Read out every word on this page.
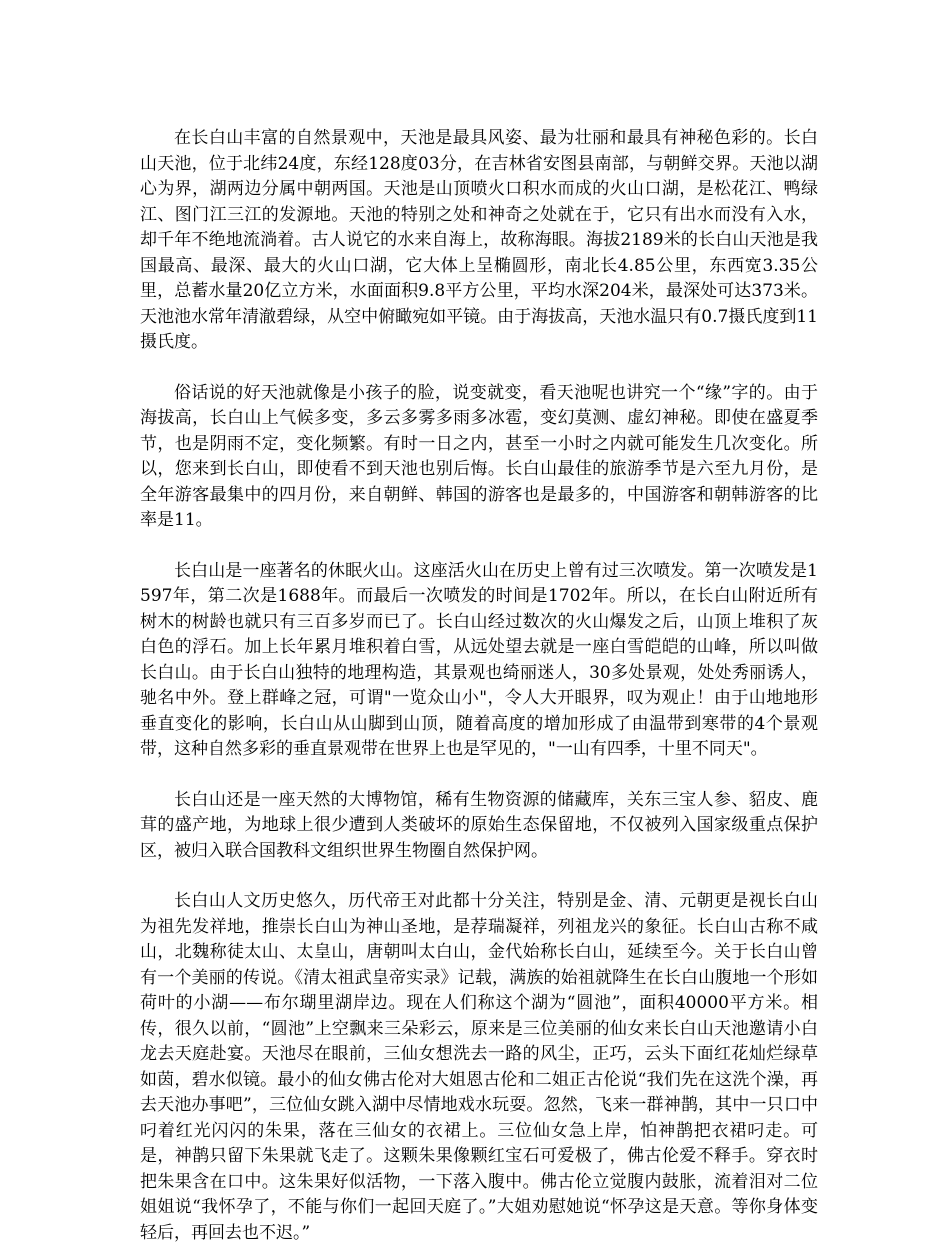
在长白山丰富的自然景观中，天池是最具风姿、最为壮丽和最具有神秘色彩的。长白山天池，位于北纬24度，东经128度03分，在吉林省安图县南部，与朝鲜交界。天池以湖心为界，湖两边分属中朝两国。天池是山顶喷火口积水而成的火山口湖，是松花江、鸭绿江、图门江三江的发源地。天池的特别之处和神奇之处就在于，它只有出水而没有入水，却千年不绝地流淌着。古人说它的水来自海上，故称海眼。海拔2189米的长白山天池是我国最高、最深、最大的火山口湖，它大体上呈椭圆形，南北长4.85公里，东西宽3.35公里，总蓄水量20亿立方米，水面面积9.8平方公里，平均水深204米，最深处可达373米。天池池水常年清澈碧绿，从空中俯瞰宛如平镜。由于海拔高，天池水温只有0.7摄氏度到11摄氏度。

俗话说的好天池就像是小孩子的脸，说变就变，看天池呢也讲究一个“缘”字的。由于海拔高，长白山上气候多变，多云多雾多雨多冰雹，变幻莫测、虚幻神秘。即使在盛夏季节，也是阴雨不定，变化频繁。有时一日之内，甚至一小时之内就可能发生几次变化。所以，您来到长白山，即使看不到天池也别后悔。长白山最佳的旅游季节是六至九月份，是全年游客最集中的四月份，来自朝鲜、韩国的游客也是最多的，中国游客和朝韩游客的比率是11。

长白山是一座著名的休眠火山。这座活火山在历史上曾有过三次喷发。第一次喷发是1597年，第二次是1688年。而最后一次喷发的时间是1702年。所以，在长白山附近所有树木的树龄也就只有三百多岁而已了。长白山经过数次的火山爆发之后，山顶上堆积了灰白色的浮石。加上长年累月堆积着白雪，从远处望去就是一座白雪皑皑的山峰，所以叫做长白山。由于长白山独特的地理构造，其景观也绮丽迷人，30多处景观，处处秀丽诱人，驰名中外。登上群峰之冠，可谓"一览众山小"，令人大开眼界，叹为观止！由于山地地形垂直变化的影响，长白山从山脚到山顶，随着高度的增加形成了由温带到寒带的4个景观带，这种自然多彩的垂直景观带在世界上也是罕见的，"一山有四季，十里不同天"。

长白山还是一座天然的大博物馆，稀有生物资源的储藏库，关东三宝人参、貂皮、鹿茸的盛产地，为地球上很少遭到人类破坏的原始生态保留地，不仅被列入国家级重点保护区，被归入联合国教科文组织世界生物圈自然保护网。

长白山人文历史悠久，历代帝王对此都十分关注，特别是金、清、元朝更是视长白山为祖先发祥地，推崇长白山为神山圣地，是荐瑞凝祥，列祖龙兴的象征。长白山古称不咸山，北魏称徒太山、太皇山，唐朝叫太白山，金代始称长白山，延续至今。关于长白山曾有一个美丽的传说。《清太祖武皇帝实录》记载，满族的始祖就降生在长白山腹地一个形如荷叶的小湖——布尔瑚里湖岸边。现在人们称这个湖为“圆池”，面积40000平方米。相传，很久以前，“圆池”上空飘来三朵彩云，原来是三位美丽的仙女来长白山天池邀请小白龙去天庭赴宴。天池尽在眼前，三仙女想洗去一路的风尘，正巧，云头下面红花灿烂绿草如茵，碧水似镜。最小的仙女佛古伦对大姐恩古伦和二姐正古伦说“我们先在这洗个澡，再去天池办事吧”，三位仙女跳入湖中尽情地戏水玩耍。忽然，飞来一群神鹊，其中一只口中叼着红光闪闪的朱果，落在三仙女的衣裙上。三位仙女急上岸，怕神鹊把衣裙叼走。可是，神鹊只留下朱果就飞走了。这颗朱果像颗红宝石可爱极了，佛古伦爱不释手。穿衣时把朱果含在口中。这朱果好似活物，一下落入腹中。佛古伦立觉腹内鼓胀，流着泪对二位姐姐说“我怀孕了，不能与你们一起回天庭了。”大姐劝慰她说“怀孕这是天意。等你身体变轻后，再回去也不迟。”
